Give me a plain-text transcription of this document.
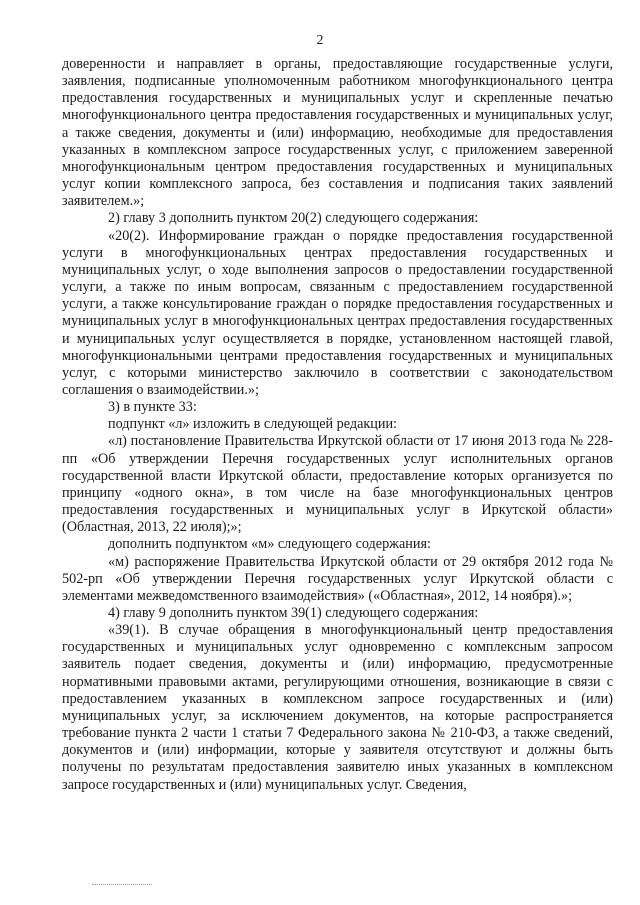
2

доверенности и направляет в органы, предоставляющие государственные услуги, заявления, подписанные уполномоченным работником многофункционального центра предоставления государственных и муниципальных услуг и скрепленные печатью многофункционального центра предоставления государственных и муниципальных услуг, а также сведения, документы и (или) информацию, необходимые для предоставления указанных в комплексном запросе государственных услуг, с приложением заверенной многофункциональным центром предоставления государственных и муниципальных услуг копии комплексного запроса, без составления и подписания таких заявлений заявителем.»;

2) главу 3 дополнить пунктом 20(2) следующего содержания:

«20(2). Информирование граждан о порядке предоставления государственной услуги в многофункциональных центрах предоставления государственных и муниципальных услуг, о ходе выполнения запросов о предоставлении государственной услуги, а также по иным вопросам, связанным с предоставлением государственной услуги, а также консультирование граждан о порядке предоставления государственных и муниципальных услуг в многофункциональных центрах предоставления государственных и муниципальных услуг осуществляется в порядке, установленном настоящей главой, многофункциональными центрами предоставления государственных и муниципальных услуг, с которыми министерство заключило в соответствии с законодательством соглашения о взаимодействии.»;

3) в пункте 33:

подпункт «л» изложить в следующей редакции:

«л) постановление Правительства Иркутской области от 17 июня 2013 года № 228-пп «Об утверждении Перечня государственных услуг исполнительных органов государственной власти Иркутской области, предоставление которых организуется по принципу «одного окна», в том числе на базе многофункциональных центров предоставления государственных и муниципальных услуг в Иркутской области» (Областная, 2013, 22 июля);»;

дополнить подпунктом «м» следующего содержания:

«м) распоряжение Правительства Иркутской области от 29 октября 2012 года № 502-рп «Об утверждении Перечня государственных услуг Иркутской области с элементами межведомственного взаимодействия» («Областная», 2012, 14 ноября).»;

4) главу 9 дополнить пунктом 39(1) следующего содержания:

«39(1). В случае обращения в многофункциональный центр предоставления государственных и муниципальных услуг одновременно с комплексным запросом заявитель подает сведения, документы и (или) информацию, предусмотренные нормативными правовыми актами, регулирующими отношения, возникающие в связи с предоставлением указанных в комплексном запросе государственных и (или) муниципальных услуг, за исключением документов, на которые распространяется требование пункта 2 части 1 статьи 7 Федерального закона № 210-ФЗ, а также сведений, документов и (или) информации, которые у заявителя отсутствуют и должны быть получены по результатам предоставления заявителю иных указанных в комплексном запросе государственных и (или) муниципальных услуг. Сведения,
